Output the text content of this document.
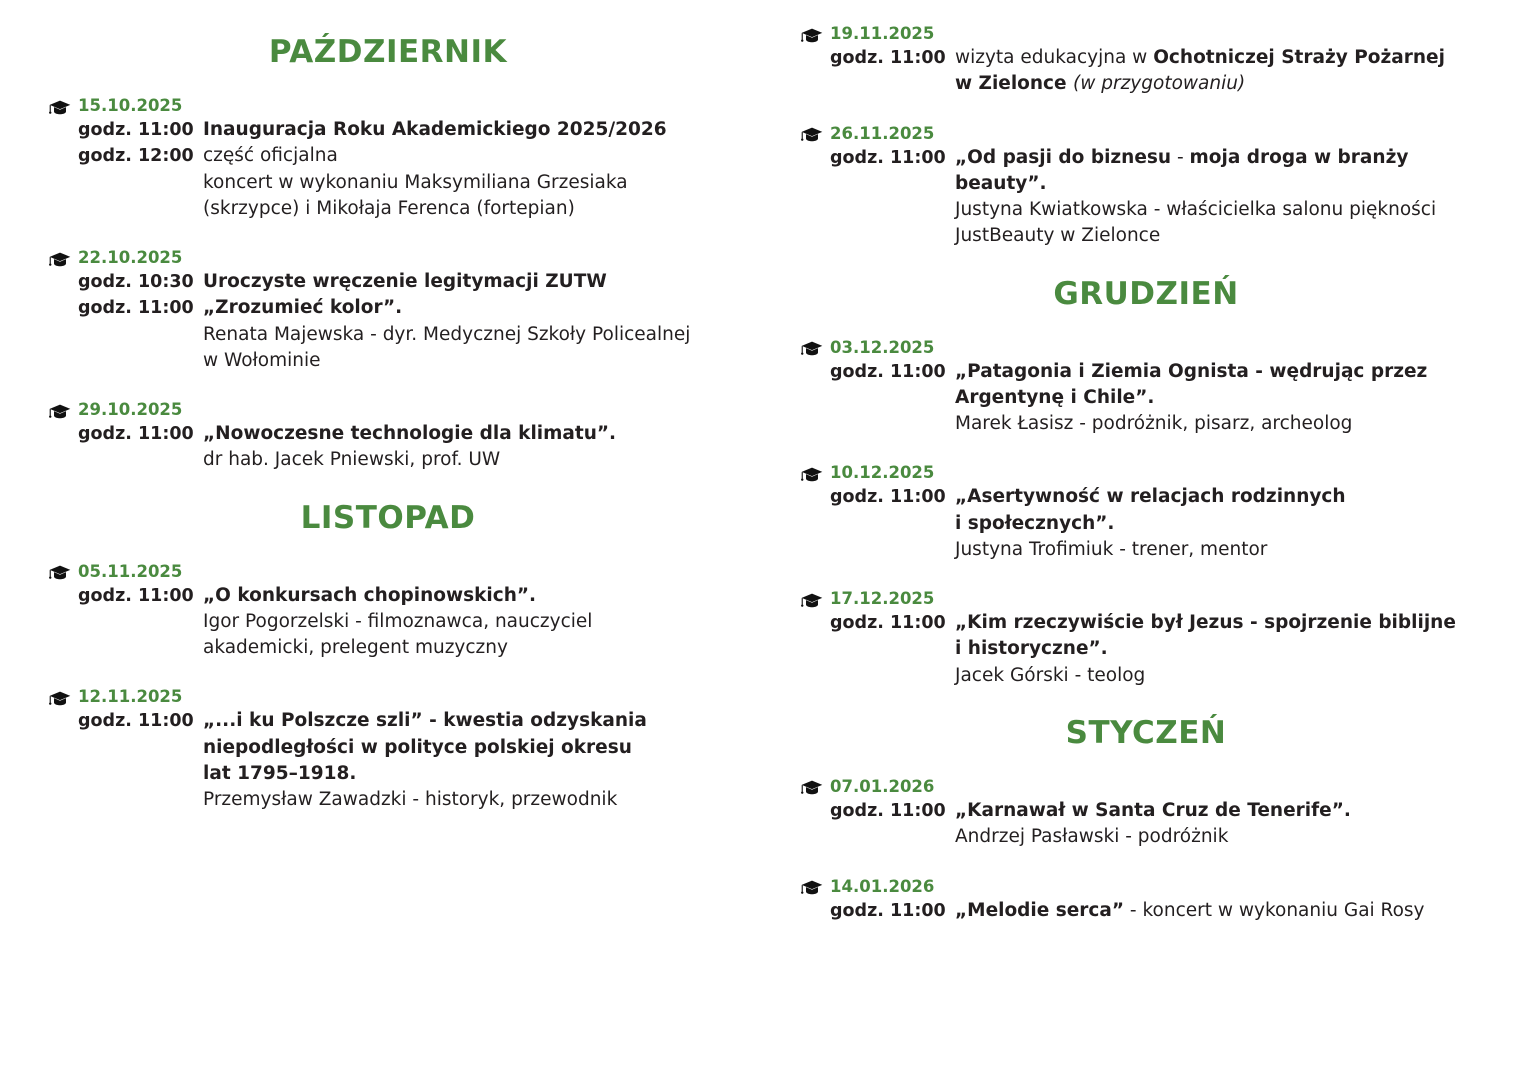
PAŹDZIERNIK
15.10.2025
godz. 11:00 Inauguracja Roku Akademickiego 2025/2026
godz. 12:00 część oficjalna
koncert w wykonaniu Maksymiliana Grzesiaka
(skrzypce) i Mikołaja Ferenca (fortepian)
22.10.2025
godz. 10:30 Uroczyste wręczenie legitymacji ZUTW
godz. 11:00 „Zrozumieć kolor”.
Renata Majewska - dyr. Medycznej Szkoły Policealnej
w Wołominie
29.10.2025
godz. 11:00 „Nowoczesne technologie dla klimatu”.
dr hab. Jacek Pniewski, prof. UW
LISTOPAD
05.11.2025
godz. 11:00 „O konkursach chopinowskich”.
Igor Pogorzelski - filmoznawca, nauczyciel
akademicki, prelegent muzyczny
12.11.2025
godz. 11:00 „...i ku Polszcze szli” - kwestia odzyskania
niepodległości w polityce polskiej okresu
lat 1795–1918.
Przemysław Zawadzki - historyk, przewodnik
19.11.2025
godz. 11:00 wizyta edukacyjna w Ochotniczej Straży Pożarnej
w Zielonce (w przygotowaniu)
26.11.2025
godz. 11:00 „Od pasji do biznesu - moja droga w branży beauty”.
Justyna Kwiatkowska - właścicielka salonu piękności
JustBeauty w Zielonce
GRUDZIEŃ
03.12.2025
godz. 11:00 „Patagonia i Ziemia Ognista - wędrując przez
Argentynę i Chile”.
Marek Łasisz - podróżnik, pisarz, archeolog
10.12.2025
godz. 11:00 „Asertywność w relacjach rodzinnych
i społecznych”.
Justyna Trofimiuk - trener, mentor
17.12.2025
godz. 11:00 „Kim rzeczywiście był Jezus - spojrzenie biblijne
i historyczne”.
Jacek Górski - teolog
STYCZEŃ
07.01.2026
godz. 11:00 „Karnawał w Santa Cruz de Tenerife”.
Andrzej Pasławski - podróżnik
14.01.2026
godz. 11:00 „Melodie serca” - koncert w wykonaniu Gai Rosy
